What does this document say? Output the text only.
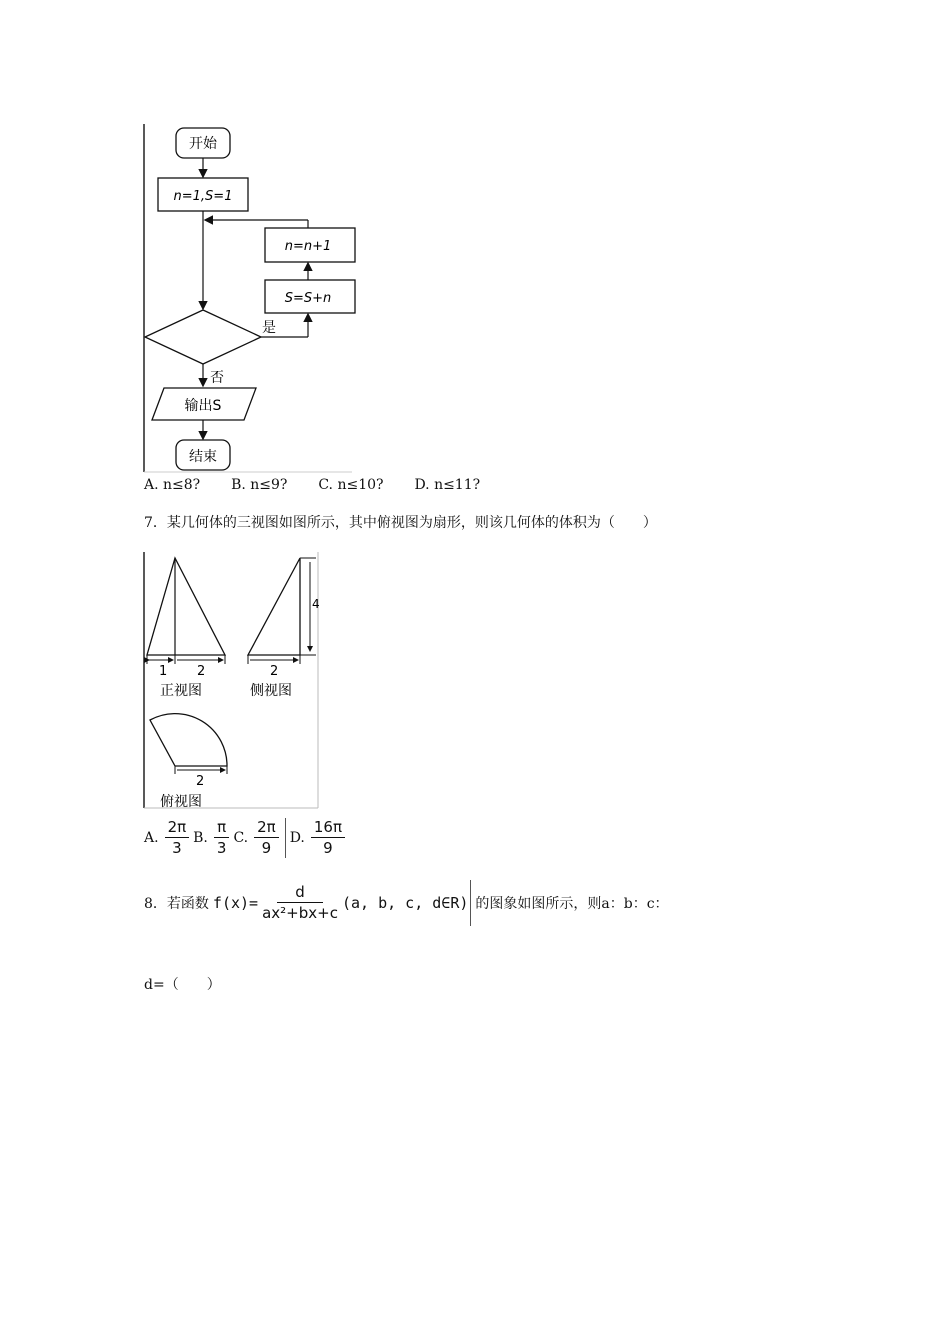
开始
n=1,S=1
n=n+1
S=S+n
是
否
输出S
结束
A. n≤8? B. n≤9? C. n≤10? D. n≤11?
7．某几何体的三视图如图所示，其中俯视图为扇形，则该几何体的体积为（　　）
1 2
正视图
4
2
侧视图
2
俯视图
A. $\frac{2\pi}{3} B$. $\frac{\pi}{3} C$. $\frac{2\pi}{9} D$. $\frac{16\pi}{9}$
8．若函数 $f(x)= \frac{d}{\text{ax²+bx+c}} (a$, b, c, d∈R) 的图象如图所示，则a：b：c：
d=（　　）
